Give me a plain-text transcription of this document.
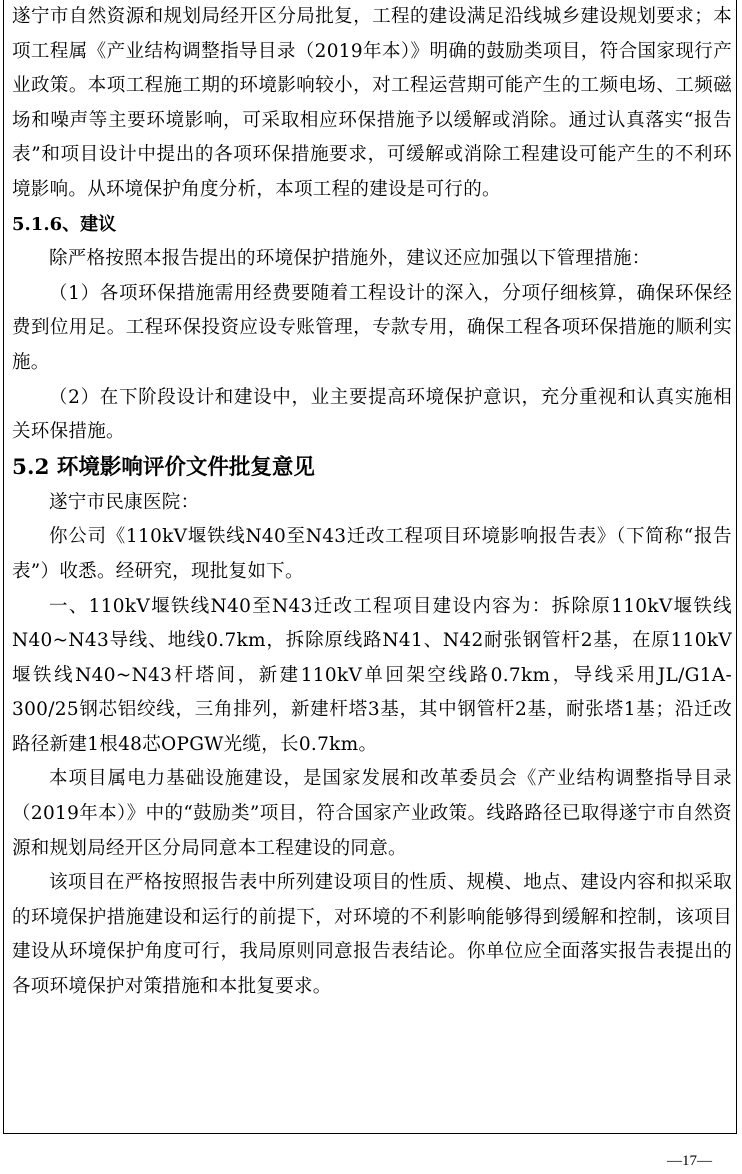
遂宁市自然资源和规划局经开区分局批复，工程的建设满足沿线城乡建设规划要求；本项工程属《产业结构调整指导目录（2019年本）》明确的鼓励类项目，符合国家现行产业政策。本项工程施工期的环境影响较小，对工程运营期可能产生的工频电场、工频磁场和噪声等主要环境影响，可采取相应环保措施予以缓解或消除。通过认真落实“报告表”和项目设计中提出的各项环保措施要求，可缓解或消除工程建设可能产生的不利环境影响。从环境保护角度分析，本项工程的建设是可行的。

5.1.6、建议

除严格按照本报告提出的环境保护措施外，建议还应加强以下管理措施：

（1）各项环保措施需用经费要随着工程设计的深入，分项仔细核算，确保环保经费到位用足。工程环保投资应设专账管理，专款专用，确保工程各项环保措施的顺利实施。

（2）在下阶段设计和建设中，业主要提高环境保护意识，充分重视和认真实施相关环保措施。

5.2 环境影响评价文件批复意见

遂宁市民康医院：

你公司《110kV堰铁线N40至N43迁改工程项目环境影响报告表》（下简称“报告表”）收悉。经研究，现批复如下。

一、110kV堰铁线N40至N43迁改工程项目建设内容为：拆除原110kV堰铁线N40~N43导线、地线0.7km，拆除原线路N41、N42耐张钢管杆2基，在原110kV堰铁线N40~N43杆塔间，新建110kV单回架空线路0.7km，导线采用JL/G1A-300/25钢芯铝绞线，三角排列，新建杆塔3基，其中钢管杆2基，耐张塔1基；沿迁改路径新建1根48芯OPGW光缆，长0.7km。

本项目属电力基础设施建设，是国家发展和改革委员会《产业结构调整指导目录（2019年本）》中的“鼓励类”项目，符合国家产业政策。线路路径已取得遂宁市自然资源和规划局经开区分局同意本工程建设的同意。

该项目在严格按照报告表中所列建设项目的性质、规模、地点、建设内容和拟采取的环境保护措施建设和运行的前提下，对环境的不利影响能够得到缓解和控制，该项目建设从环境保护角度可行，我局原则同意报告表结论。你单位应全面落实报告表提出的各项环境保护对策措施和本批复要求。

—17—
